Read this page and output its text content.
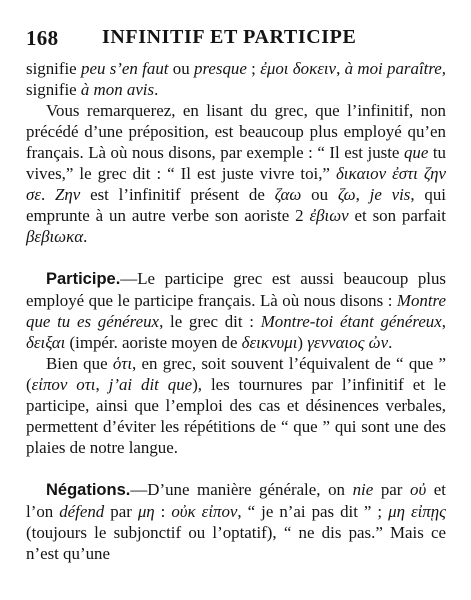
168 INFINITIF ET PARTICIPE

signifie peu s’en faut ou presque ; ἐμοι δοκειν, à moi paraître, signifie à mon avis.

Vous remarquerez, en lisant du grec, que l’infinitif, non précédé d’une préposition, est beaucoup plus employé qu’en français. Là où nous disons, par exemple : “ Il est juste que tu vives,” le grec dit : “ Il est juste vivre toi,” δικαιον ἐστι ζην σε. Ζην est l’infinitif présent de ζαω ou ζω, je vis, qui emprunte à un autre verbe son aoriste 2 ἐβιων et son parfait βεβιωκα.

Participe.—Le participe grec est aussi beaucoup plus employé que le participe français. Là où nous disons : Montre que tu es généreux, le grec dit : Montre-toi étant généreux, δειξαι (impér. aoriste moyen de δεικνυμι) γενναιος ὠν.

Bien que ὁτι, en grec, soit souvent l’équivalent de “ que ” (εἰπον οτι, j’ai dit que), les tournures par l’infinitif et le participe, ainsi que l’emploi des cas et désinences verbales, permettent d’éviter les répétitions de “ que ” qui sont une des plaies de notre langue.

Négations.—D’une manière générale, on nie par οὐ et l’on défend par μη : οὐκ εἰπον, “ je n’ai pas dit ” ; μη εἰπῃς (toujours le subjonctif ou l’optatif), “ ne dis pas.” Mais ce n’est qu’une
